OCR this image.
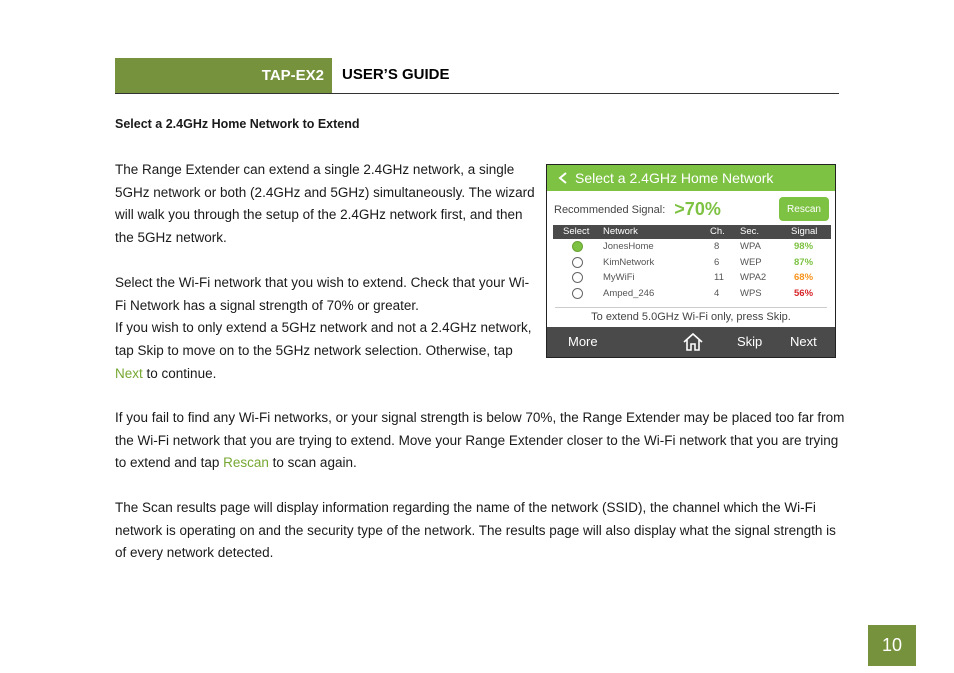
TAP-EX2 USER’S GUIDE
Select a 2.4GHz Home Network to Extend

The Range Extender can extend a single 2.4GHz network, a single 5GHz network or both (2.4GHz and 5GHz) simultaneously. The wizard will walk you through the setup of the 2.4GHz network first, and then the 5GHz network.

Select the Wi-Fi network that you wish to extend. Check that your Wi-Fi Network has a signal strength of 70% or greater.
If you wish to only extend a 5GHz network and not a 2.4GHz network, tap Skip to move on to the 5GHz network selection. Otherwise, tap Next to continue.

If you fail to find any Wi-Fi networks, or your signal strength is below 70%, the Range Extender may be placed too far from the Wi-Fi network that you are trying to extend. Move your Range Extender closer to the Wi-Fi network that you are trying to extend and tap Rescan to scan again.

The Scan results page will display information regarding the name of the network (SSID), the channel which the Wi-Fi network is operating on and the security type of the network. The results page will also display what the signal strength is of every network detected.

Select a 2.4GHz Home Network
Recommended Signal: >70%	Rescan
Select Network	Ch. Sec.	Signal
JonesHome	8 WPA	98%
KimNetwork	6 WEP	87%
MyWiFi	11 WPA2	68%
Amped_246	4 WPS	56%
To extend 5.0GHz Wi-Fi only, press Skip.
More	Skip Next
10
